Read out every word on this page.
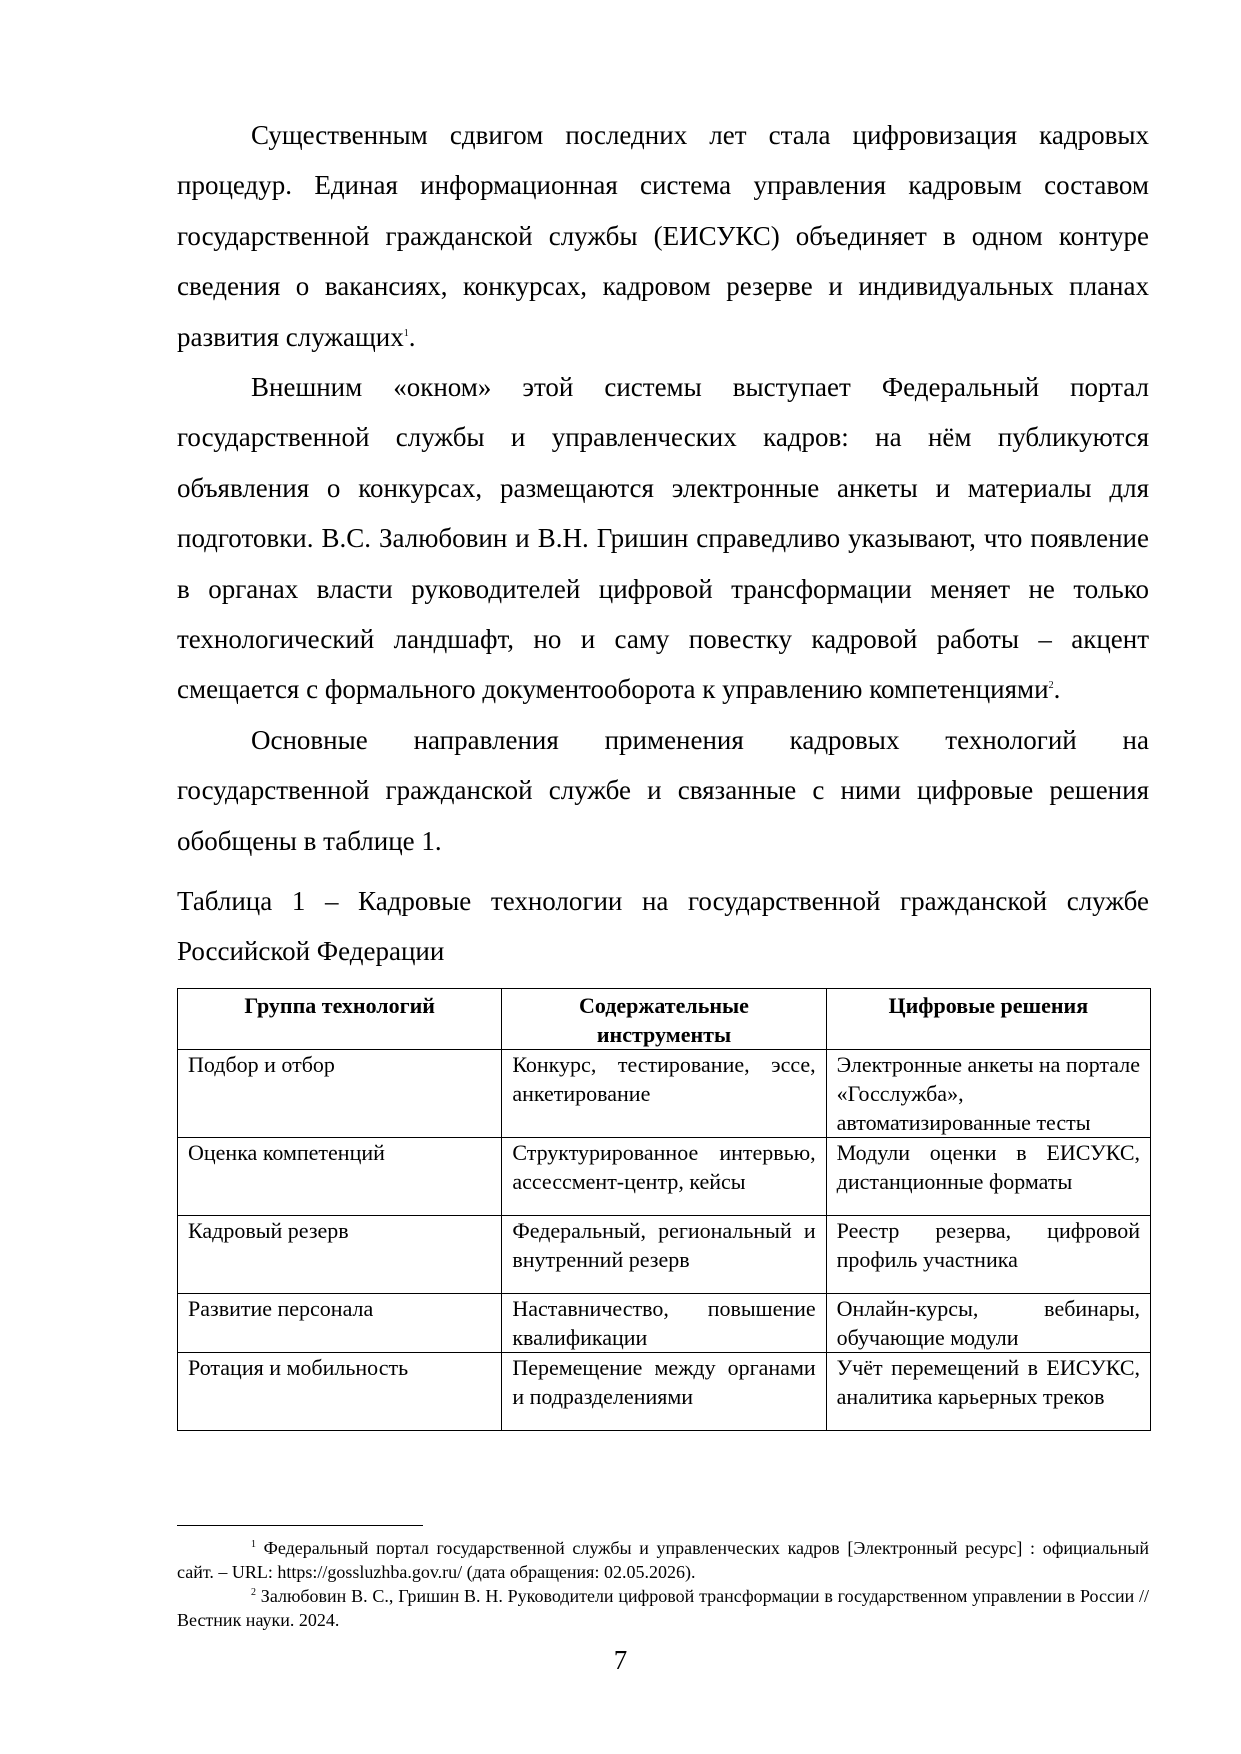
Существенным сдвигом последних лет стала цифровизация кадровых процедур. Единая информационная система управления кадровым составом государственной гражданской службы (ЕИСУКС) объединяет в одном контуре сведения о вакансиях, конкурсах, кадровом резерве и индивидуальных планах развития служащих$^1$.

Внешним «окном» этой системы выступает Федеральный портал государственной службы и управленческих кадров: на нём публикуются объявления о конкурсах, размещаются электронные анкеты и материалы для подготовки. В.С. Залюбовин и В.Н. Гришин справедливо указывают, что появление в органах власти руководителей цифровой трансформации меняет не только технологический ландшафт, но и саму повестку кадровой работы – акцент смещается с формального документооборота к управлению компетенциями$^2$.

Основные направления применения кадровых технологий на государственной гражданской службе и связанные с ними цифровые решения обобщены в таблице 1.

Таблица 1 – Кадровые технологии на государственной гражданской службе Российской Федерации

Группа технологий	Содержательные инструменты	Цифровые решения
Подбор и отбор	Конкурс, тестирование, эссе, анкетирование	Электронные анкеты на портале «Госслужба», автоматизированные тесты
Оценка компетенций	Структурированное интервью, ассессмент-центр, кейсы	Модули оценки в ЕИСУКС, дистанционные форматы
Кадровый резерв	Федеральный, региональный и внутренний резерв	Реестр резерва, цифровой профиль участника
Развитие персонала	Наставничество, повышение квалификации	Онлайн-курсы, вебинары, обучающие модули
Ротация и мобильность	Перемещение между органами и подразделениями	Учёт перемещений в ЕИСУКС, аналитика карьерных треков

$^1$ Федеральный портал государственной службы и управленческих кадров [Электронный ресурс] : официальный сайт. – URL: https://gossluzhba.gov.ru/ (дата обращения: 02.05.2026).

$^2$ Залюбовин В. С., Гришин В. Н. Руководители цифровой трансформации в государственном управлении в России // Вестник науки. 2024.

7
